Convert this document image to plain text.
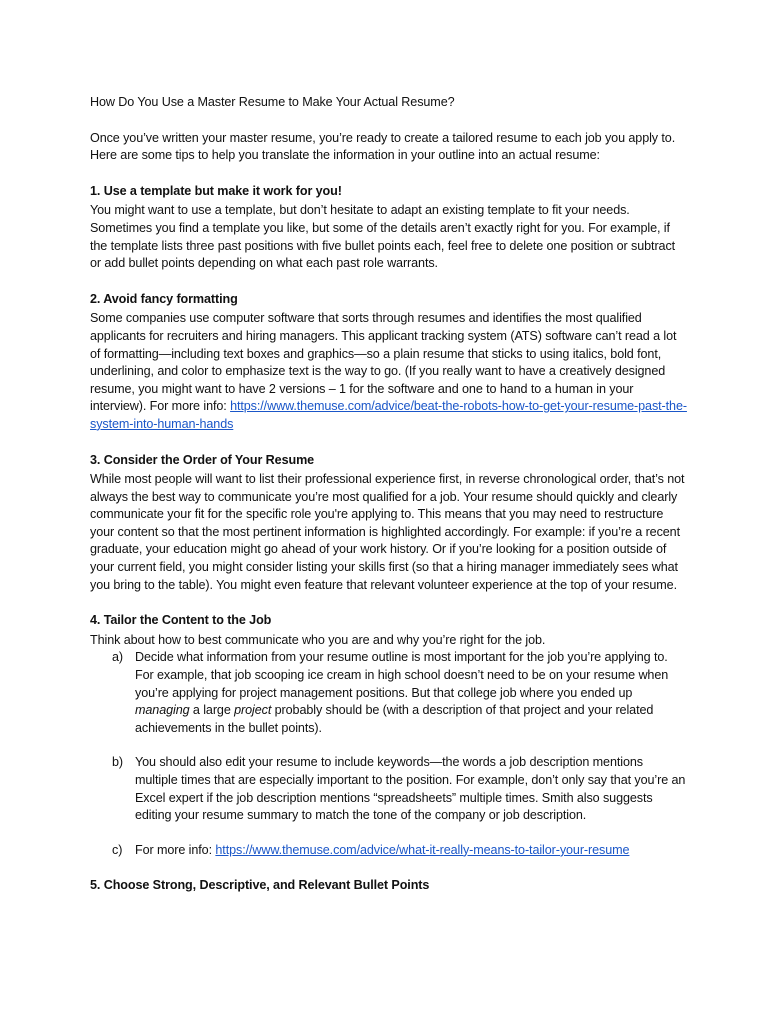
How Do You Use a Master Resume to Make Your Actual Resume?

Once you’ve written your master resume, you’re ready to create a tailored resume to each job you apply to. Here are some tips to help you translate the information in your outline into an actual resume:

1. Use a template but make it work for you!

You might want to use a template, but don’t hesitate to adapt an existing template to fit your needs. Sometimes you find a template you like, but some of the details aren’t exactly right for you. For example, if the template lists three past positions with five bullet points each, feel free to delete one position or subtract or add bullet points depending on what each past role warrants.

2. Avoid fancy formatting

Some companies use computer software that sorts through resumes and identifies the most qualified applicants for recruiters and hiring managers. This applicant tracking system (ATS) software can’t read a lot of formatting—including text boxes and graphics—so a plain resume that sticks to using italics, bold font, underlining, and color to emphasize text is the way to go. (If you really want to have a creatively designed resume, you might want to have 2 versions – 1 for the software and one to hand to a human in your interview). For more info: https://www.themuse.com/advice/beat-the-robots-how-to-get-your-resume-past-the-system-into-human-hands

3. Consider the Order of Your Resume

While most people will want to list their professional experience first, in reverse chronological order, that’s not always the best way to communicate you’re most qualified for a job. Your resume should quickly and clearly communicate your fit for the specific role you're applying to. This means that you may need to restructure your content so that the most pertinent information is highlighted accordingly. For example: if you’re a recent graduate, your education might go ahead of your work history. Or if you’re looking for a position outside of your current field, you might consider listing your skills first (so that a hiring manager immediately sees what you bring to the table). You might even feature that relevant volunteer experience at the top of your resume.

4. Tailor the Content to the Job

Think about how to best communicate who you are and why you’re right for the job.

a) Decide what information from your resume outline is most important for the job you’re applying to. For example, that job scooping ice cream in high school doesn’t need to be on your resume when you’re applying for project management positions. But that college job where you ended up managing a large project probably should be (with a description of that project and your related achievements in the bullet points).
b) You should also edit your resume to include keywords—the words a job description mentions multiple times that are especially important to the position. For example, don’t only say that you’re an Excel expert if the job description mentions “spreadsheets” multiple times. Smith also suggests editing your resume summary to match the tone of the company or job description.
c) For more info: https://www.themuse.com/advice/what-it-really-means-to-tailor-your-resume
5. Choose Strong, Descriptive, and Relevant Bullet Points
